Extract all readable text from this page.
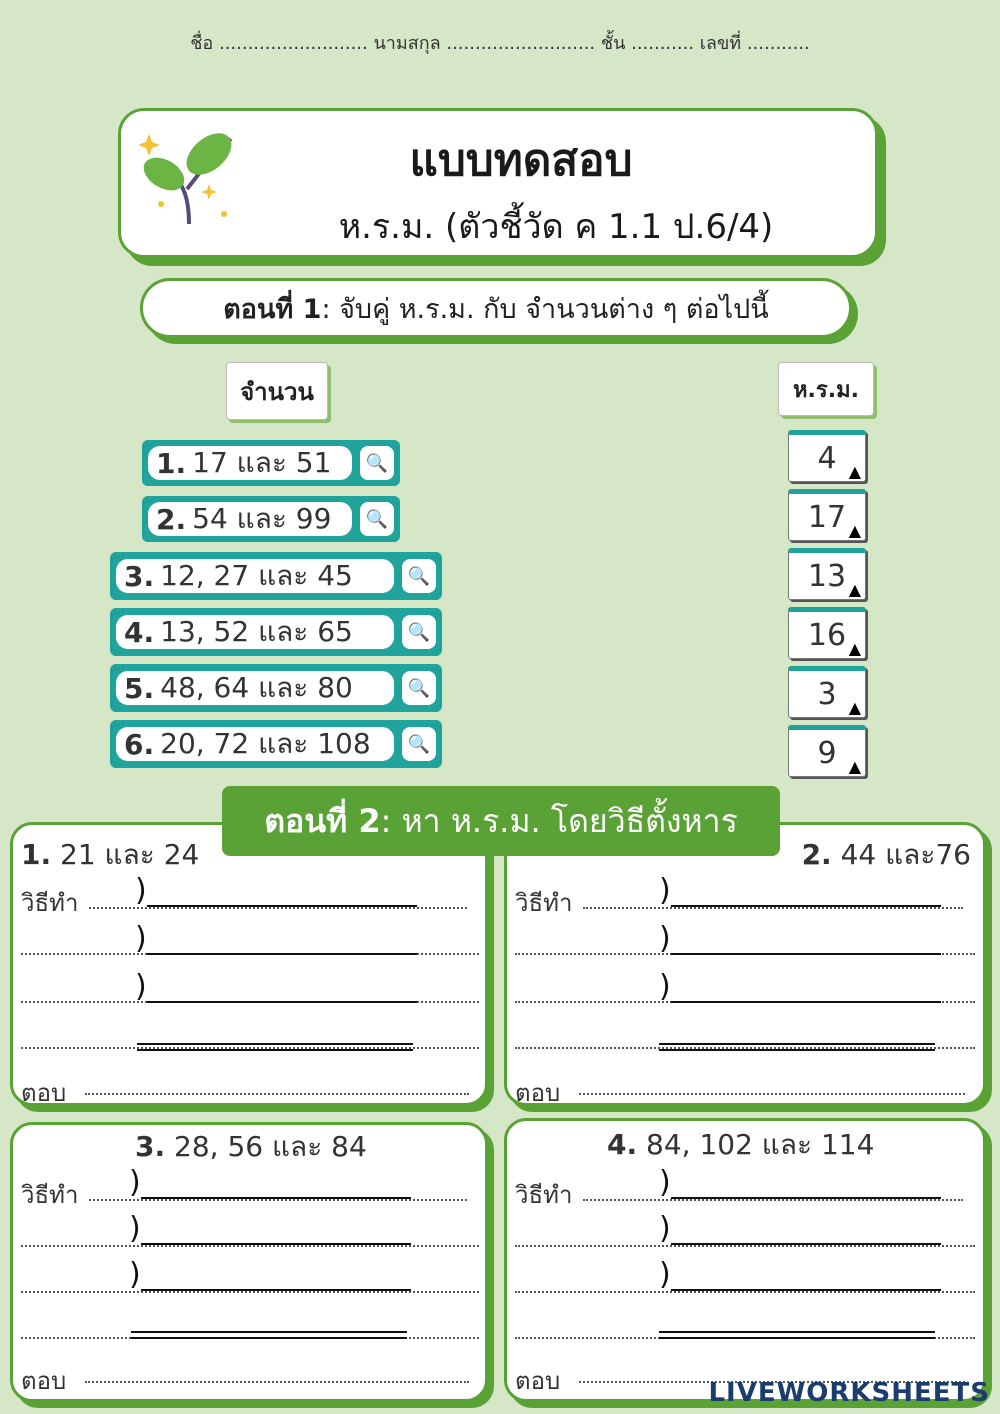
ชื่อ .......................... นามสกุล .......................... ชั้น ........... เลขที่ ...........
แบบทดสอบ
ห.ร.ม. (ตัวชี้วัด ค 1.1 ป.6/4)
ตอนที่ 1 : จับคู่ ห.ร.ม. กับ จำนวนต่าง ๆ ต่อไปนี้
จำนวน	ห.ร.ม.
1. 17 และ 51	🔍
2. 54 และ 99	🔍
3. 12, 27 และ 45	🔍
4. 13, 52 และ 65	🔍
5. 48, 64 และ 80	🔍
6. 20, 72 และ 108	🔍
4 ▲
17 ▲
13 ▲
16 ▲
3 ▲
9 ▲
1. 21 และ 24
วิธีทำ )
)
)
ตอบ
2. 44 และ76
วิธีทำ	)
)
)
ตอบ
3. 28, 56 และ 84
วิธีทำ )
)
)
ตอบ
4. 84, 102 และ 114
วิธีทำ	)
)
)
ตอบ
ตอนที่ 2 : หา ห.ร.ม. โดยวิธีตั้งหาร
LIVEWORKSHEETS
